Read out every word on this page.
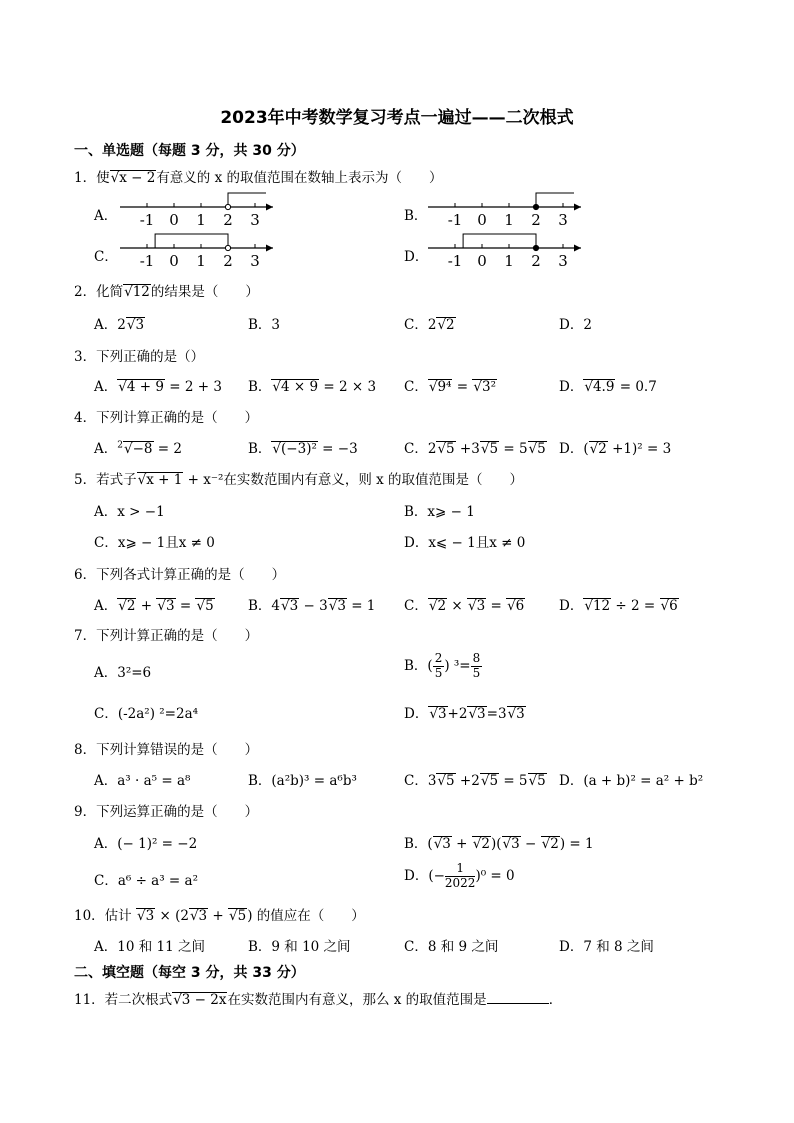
2023年中考数学复习考点一遍过——二次根式
一、单选题（每题 3 分，共 30 分）
1．使√x − 2有意义的 x 的取值范围在数轴上表示为（　　）
A．	B．
C．	D．
-1 0 1 2 3	-1 0 1 2 3
-1 0 1 2 3	-1 0 1 2 3
2．化简√12的结果是（　　）
A．2√3	B．3	C．2√2	D．2
3．下列正确的是（）
A．√4 + 9 = 2 + 3 B．√4 × 9 = 2 × 3 C．√9⁴ = √3²	D．√4.9 = 0.7
4．下列计算正确的是（　　）
A．$^2$√−8 = 2	B．√(−3)² = −3	C．2√5 +3√5 = 5√5 D．(√2 +1)² = 3
5．若式子√x + 1 + x⁻²在实数范围内有意义，则 x 的取值范围是（　　）
A．x > −1	B．x⩾ − 1
C．x⩾ − 1且x ≠ 0	D．x⩽ − 1且x ≠ 0
6．下列各式计算正确的是（　　）
A．√2 + √3 = √5	B．4√3 − 3√3 = 1 C．√2 × √3 = √6	D．√12 ÷ 2 = √6
7．下列计算正确的是（　　）
A．3²=6	B．( $\frac{2}{5}$ ) $^3= \frac{8}{5}$
C．(-2a²) ²=2a⁴	D．√3+2√3=3√3
8．下列计算错误的是（　　）
A．a³ · a⁵ = a⁸	B．(a²b)³ = a⁶b³	C．3√5 +2√5 = 5√5 D．(a + b)² = a² + b²
9．下列运算正确的是（　　）
A．(− 1)² = −2	B．(√3 + √2)(√3 − √2) = 1
C．a⁶ ÷ a³ = a²	D．(− $\frac{1}{2022} )^0 = 0$
10．估计 √3 × (2√3 + √5) 的值应在（　　）
A．10 和 11 之间	B．9 和 10 之间	C．8 和 9 之间	D．7 和 8 之间
二、填空题（每空 3 分，共 33 分）
11．若二次根式√3 − 2x在实数范围内有意义，那么 x 的取值范围是	．
